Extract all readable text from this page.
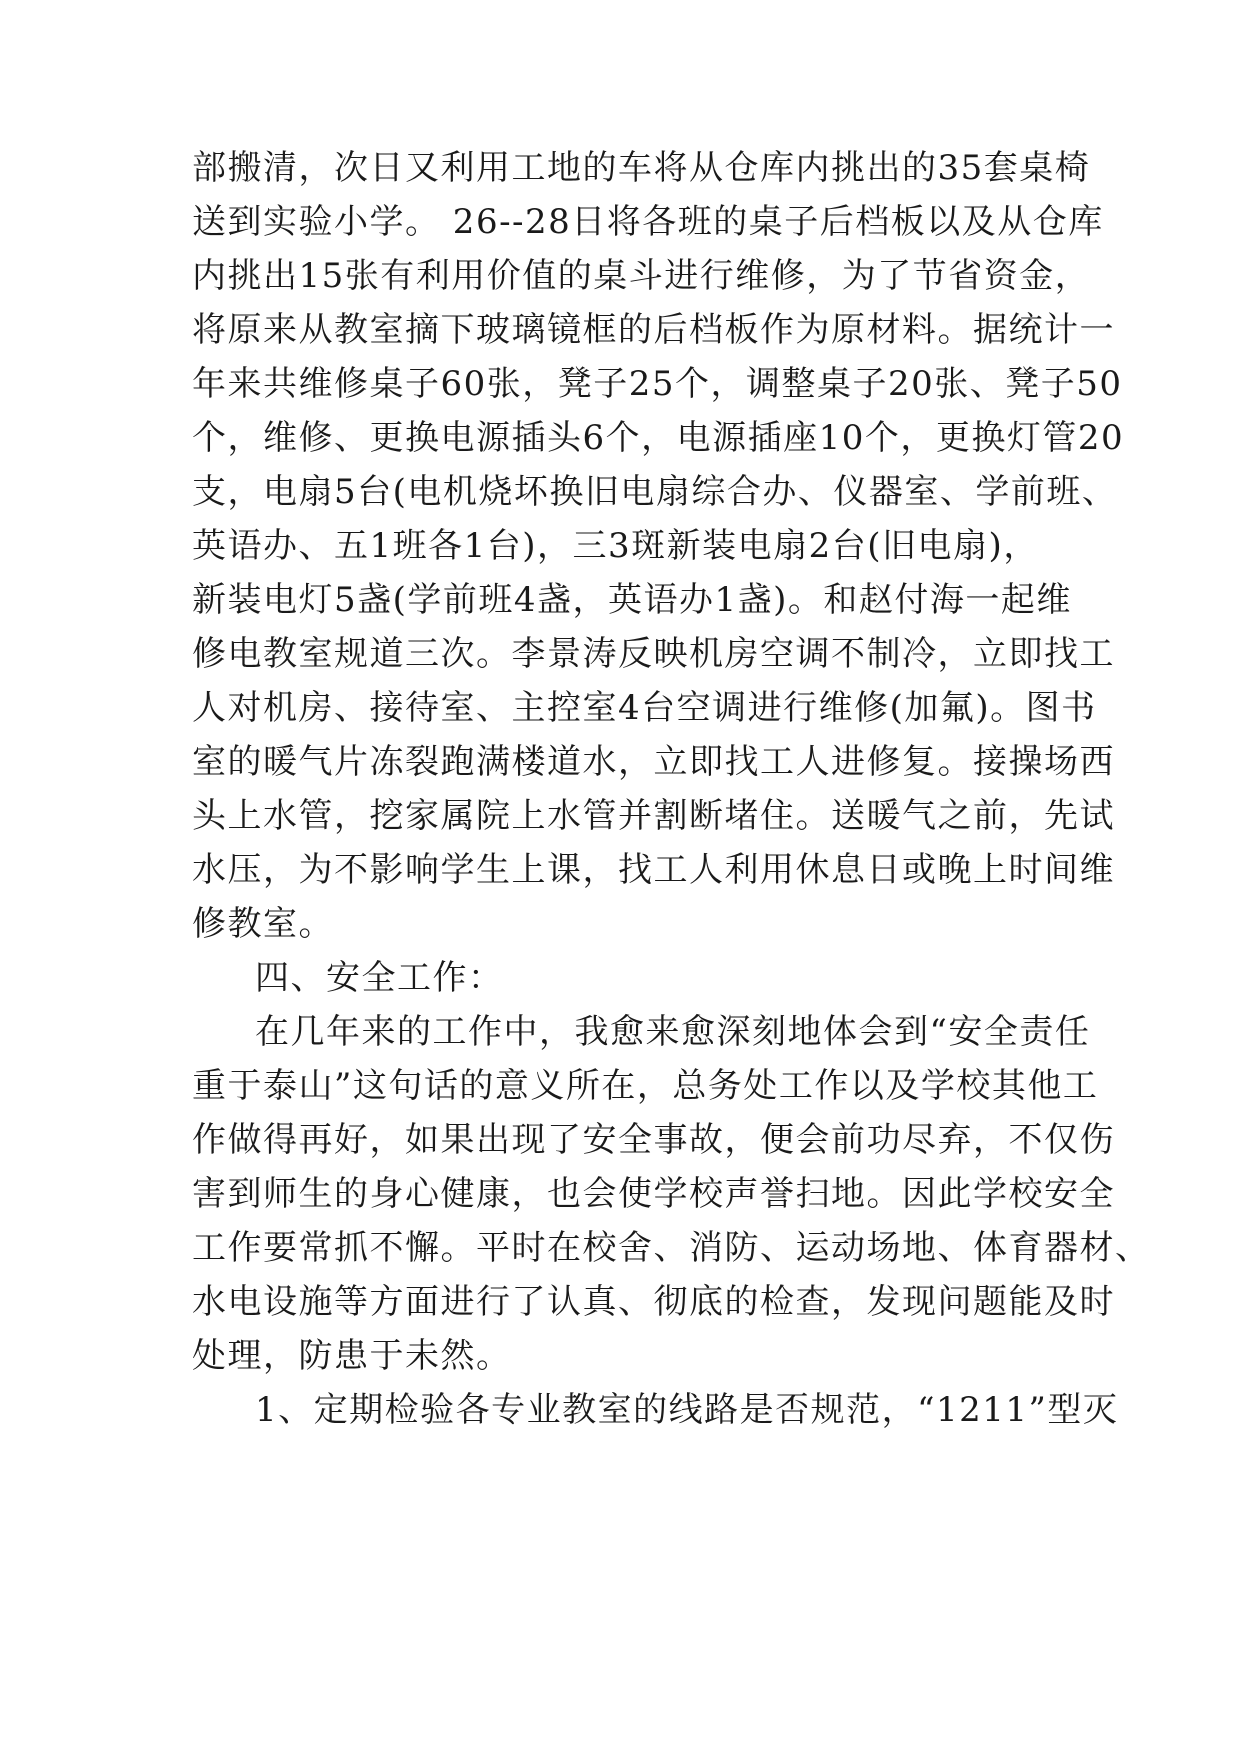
部搬清，次日又利用工地的车将从仓库内挑出的35套桌椅
送到实验小学。 26--28日将各班的桌子后档板以及从仓库
内挑出15张有利用价值的桌斗进行维修，为了节省资金，
将原来从教室摘下玻璃镜框的后档板作为原材料。据统计一
年来共维修桌子60张，凳子25个，调整桌子20张、凳子50
个，维修、更换电源插头6个，电源插座10个，更换灯管20
支，电扇5台(电机烧坏换旧电扇综合办、仪器室、学前班、
英语办、五1班各1台)，三3斑新装电扇2台(旧电扇)，
新装电灯5盏(学前班4盏，英语办1盏)。和赵付海一起维
修电教室规道三次。李景涛反映机房空调不制冷，立即找工
人对机房、接待室、主控室4台空调进行维修(加氟)。图书
室的暖气片冻裂跑满楼道水，立即找工人进修复。接操场西
头上水管，挖家属院上水管并割断堵住。送暖气之前，先试
水压，为不影响学生上课，找工人利用休息日或晚上时间维
修教室。
四、安全工作：
在几年来的工作中，我愈来愈深刻地体会到“安全责任
重于泰山”这句话的意义所在，总务处工作以及学校其他工
作做得再好，如果出现了安全事故，便会前功尽弃，不仅伤
害到师生的身心健康，也会使学校声誉扫地。因此学校安全
工作要常抓不懈。平时在校舍、消防、运动场地、体育器材、
水电设施等方面进行了认真、彻底的检查，发现问题能及时
处理，防患于未然。
1、定期检验各专业教室的线路是否规范，“1211”型灭
